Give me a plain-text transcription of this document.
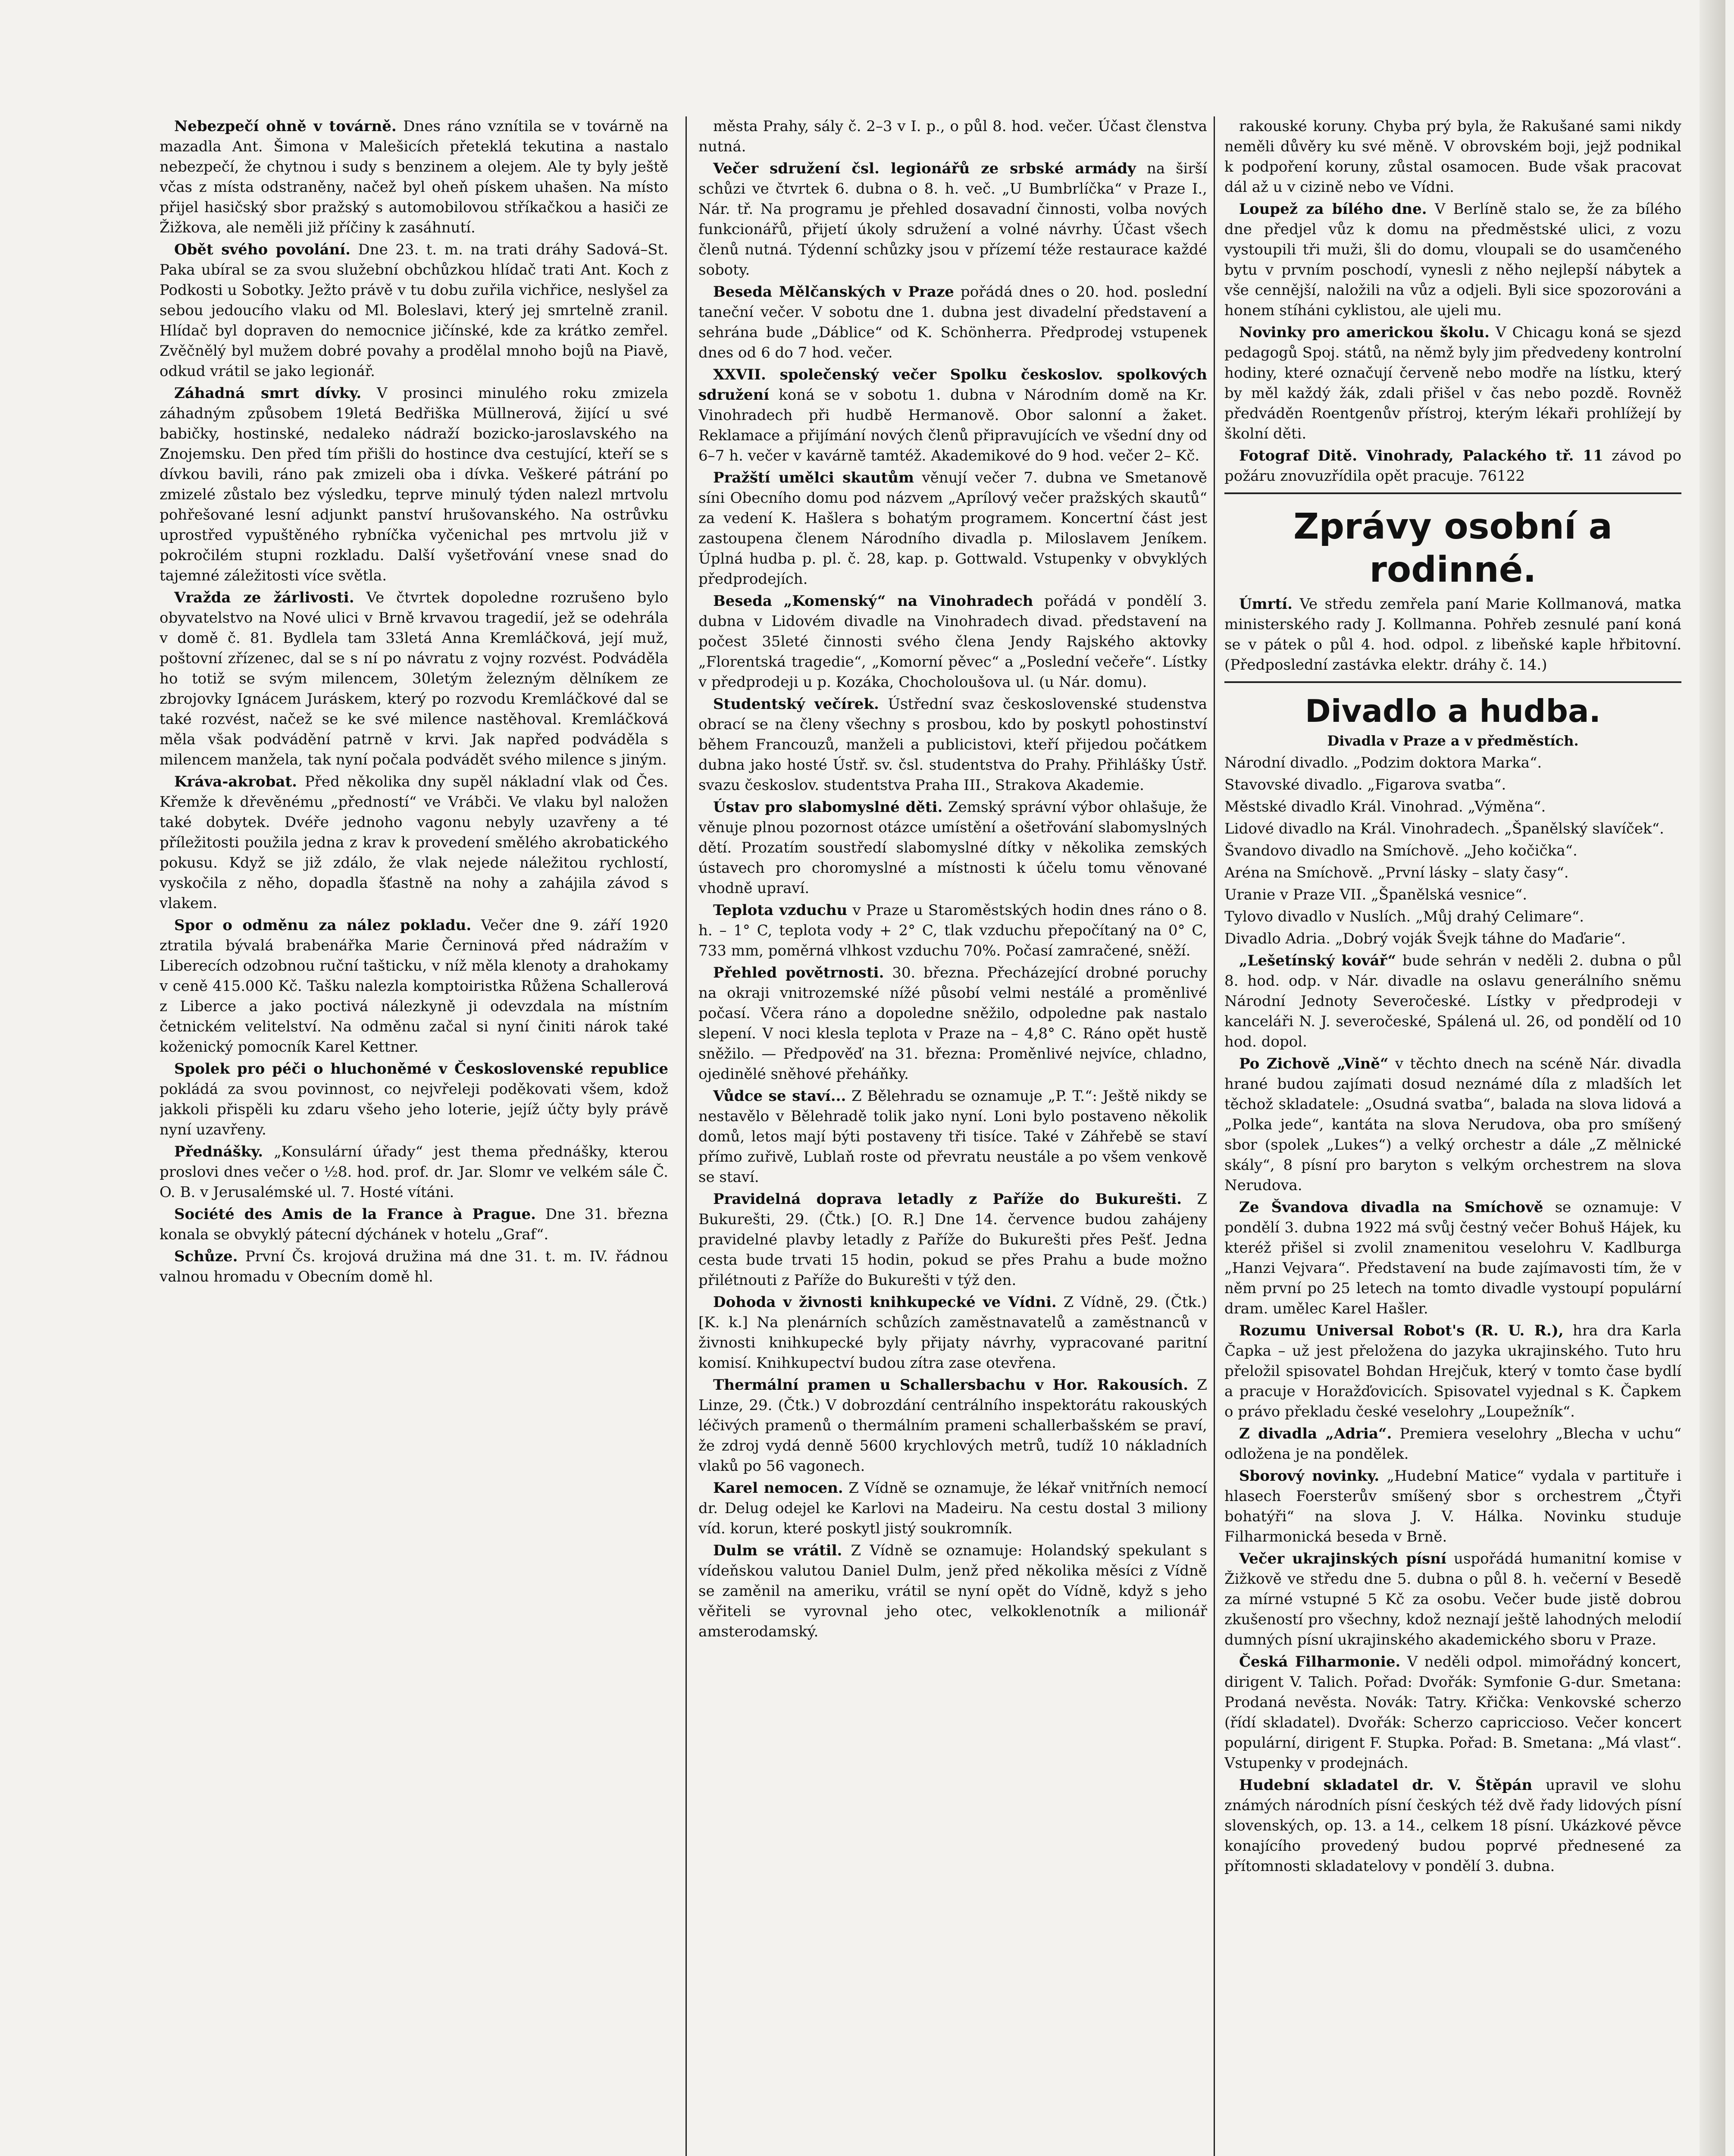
Nebezpečí ohně v továrně. Dnes ráno vznítila se v továrně na mazadla Ant. Šimona v Malešicích přeteklá tekutina a nastalo nebezpečí, že chytnou i sudy s benzinem a olejem. Ale ty byly ještě včas z místa odstraněny, načež byl oheň pískem uhašen. Na místo přijel hasičský sbor pražský s automobilovou stříkačkou a hasiči ze Žižkova, ale neměli již příčiny k zasáhnutí.

Obět svého povolání. Dne 23. t. m. na trati dráhy Sadová–St. Paka ubíral se za svou služební obchůzkou hlídač trati Ant. Koch z Podkosti u Sobotky. Ježto právě v tu dobu zuřila vichřice, neslyšel za sebou jedoucího vlaku od Ml. Boleslavi, který jej smrtelně zranil. Hlídač byl dopraven do nemocnice jičínské, kde za krátko zemřel. Zvěčnělý byl mužem dobré povahy a prodělal mnoho bojů na Piavě, odkud vrátil se jako legionář.

Záhadná smrt dívky. V prosinci minulého roku zmizela záhadným způsobem 19letá Bedřiška Müllnerová, žijící u své babičky, hostinské, nedaleko nádraží bozicko-jaroslavského na Znojemsku. Den před tím přišli do hostince dva cestující, kteří se s dívkou bavili, ráno pak zmizeli oba i dívka. Veškeré pátrání po zmizelé zůstalo bez výsledku, teprve minulý týden nalezl mrtvolu pohřešované lesní adjunkt panství hrušovanského. Na ostrůvku uprostřed vypuštěného rybníčka vyčenichal pes mrtvolu již v pokročilém stupni rozkladu. Další vyšetřování vnese snad do tajemné záležitosti více světla.

Vražda ze žárlivosti. Ve čtvrtek dopoledne rozrušeno bylo obyvatelstvo na Nové ulici v Brně krvavou tragedií, jež se odehrála v domě č. 81. Bydlela tam 33letá Anna Kremláčková, její muž, poštovní zřízenec, dal se s ní po návratu z vojny rozvést. Podváděla ho totiž se svým milencem, 30letým železným dělníkem ze zbrojovky Ignácem Juráskem, který po rozvodu Kremláčkové dal se také rozvést, načež se ke své milence nastěhoval. Kremláčková měla však podvádění patrně v krvi. Jak napřed podváděla s milencem manžela, tak nyní počala podvádět svého milence s jiným.

Kráva-akrobat. Před několika dny supěl nákladní vlak od Čes. Křemže k dřevěnému „předností“ ve Vrábči. Ve vlaku byl naložen také dobytek. Dvéře jednoho vagonu nebyly uzavřeny a té příležitosti použila jedna z krav k provedení smělého akrobatického pokusu. Když se již zdálo, že vlak nejede náležitou rychlostí, vyskočila z něho, dopadla šťastně na nohy a zahájila závod s vlakem.

Spor o odměnu za nález pokladu. Večer dne 9. září 1920 ztratila bývalá brabenářka Marie Černinová před nádražím v Liberecích odzobnou ruční tašticku, v níž měla klenoty a drahokamy v ceně 415.000 Kč. Tašku nalezla komptoiristka Růžena Schallerová z Liberce a jako poctivá nálezkyně ji odevzdala na místním četnickém velitelství. Na odměnu začal si nyní činiti nárok také koženický pomocník Karel Kettner.

Spolek pro péči o hluchoněmé v Československé republice pokládá za svou povinnost, co nejvřeleji poděkovati všem, kdož jakkoli přispěli ku zdaru všeho jeho loterie, jejíž účty byly právě nyní uzavřeny.

Přednášky. „Konsulární úřady“ jest thema přednášky, kterou proslovi dnes večer o ½8. hod. prof. dr. Jar. Slomr ve velkém sále Č. O. B. v Jerusalémské ul. 7. Hosté vítáni.

Société des Amis de la France à Prague. Dne 31. března konala se obvyklý pátecní dýchánek v hotelu „Graf“.

Schůze. První Čs. krojová družina má dne 31. t. m. IV. řádnou valnou hromadu v Obecním domě hl.

města Prahy, sály č. 2–3 v I. p., o půl 8. hod. večer. Účast členstva nutná.

Večer sdružení čsl. legionářů ze srbské armády na širší schůzi ve čtvrtek 6. dubna o 8. h. več. „U Bumbrlíčka“ v Praze I., Nár. tř. Na programu je přehled dosavadní činnosti, volba nových funkcionářů, přijetí úkoly sdružení a volné návrhy. Účast všech členů nutná. Týdenní schůzky jsou v přízemí téže restaurace každé soboty.

Beseda Mělčanských v Praze pořádá dnes o 20. hod. poslední taneční večer. V sobotu dne 1. dubna jest divadelní představení a sehrána bude „Dáblice“ od K. Schönherra. Předprodej vstupenek dnes od 6 do 7 hod. večer.

XXVII. společenský večer Spolku českoslov. spolkových sdružení koná se v sobotu 1. dubna v Národním domě na Kr. Vinohradech při hudbě Hermanově. Obor salonní a žaket. Reklamace a přijímání nových členů připravujících ve všední dny od 6–7 h. večer v kavárně tamtéž. Akademikové do 9 hod. večer 2– Kč.

Pražští umělci skautům věnují večer 7. dubna ve Smetanově síni Obecního domu pod názvem „Aprílový večer pražských skautů“ za vedení K. Hašlera s bohatým programem. Koncertní část jest zastoupena členem Národního divadla p. Miloslavem Jeníkem. Úplná hudba p. pl. č. 28, kap. p. Gottwald. Vstupenky v obvyklých předprodejích.

Beseda „Komenský“ na Vinohradech pořádá v pondělí 3. dubna v Lidovém divadle na Vinohradech divad. představení na počest 35leté činnosti svého člena Jendy Rajského aktovky „Florentská tragedie“, „Komorní pěvec“ a „Poslední večeře“. Lístky v předprodeji u p. Kozáka, Chocholoušova ul. (u Nár. domu).

Studentský večírek. Ústřední svaz československé studenstva obrací se na členy všechny s prosbou, kdo by poskytl pohostinství během Francouzů, manželi a publicistovi, kteří přijedou počátkem dubna jako hosté Ústř. sv. čsl. studentstva do Prahy. Přihlášky Ústř. svazu českoslov. studentstva Praha III., Strakova Akademie.

Ústav pro slabomyslné děti. Zemský správní výbor ohlašuje, že věnuje plnou pozornost otázce umístění a ošetřování slabomyslných dětí. Prozatím soustředí slabomyslné dítky v několika zemských ústavech pro choromyslné a místnosti k účelu tomu věnované vhodně upraví.

Teplota vzduchu v Praze u Staroměstských hodin dnes ráno o 8. h. – 1° C, teplota vody + 2° C, tlak vzduchu přepočítaný na 0° C, 733 mm, poměrná vlhkost vzduchu 70%. Počasí zamračené, sněží.

Přehled povětrnosti. 30. března. Přecházející drobné poruchy na okraji vnitrozemské nížé působí velmi nestálé a proměnlivé počasí. Včera ráno a dopoledne sněžilo, odpoledne pak nastalo slepení. V noci klesla teplota v Praze na – 4,8° C. Ráno opět hustě sněžilo. — Předpověď na 31. března: Proměnlivé nejvíce, chladno, ojedinělé sněhové přeháňky.

Vůdce se staví... Z Bělehradu se oznamuje „P. T.“: Ještě nikdy se nestavělo v Bělehradě tolik jako nyní. Loni bylo postaveno několik domů, letos mají býti postaveny tři tisíce. Také v Záhřebě se staví přímo zuřivě, Lublaň roste od převratu neustále a po všem venkově se staví.

Pravidelná doprava letadly z Paříže do Bukurešti. Z Bukurešti, 29. (Čtk.) [O. R.] Dne 14. července budou zahájeny pravidelné plavby letadly z Paříže do Bukurešti přes Pešť. Jedna cesta bude trvati 15 hodin, pokud se přes Prahu a bude možno přilétnouti z Paříže do Bukurešti v týž den.

Dohoda v živnosti knihkupecké ve Vídni. Z Vídně, 29. (Čtk.) [K. k.] Na plenárních schůzích zaměstnavatelů a zaměstnanců v živnosti knihkupecké byly přijaty návrhy, vypracované paritní komisí. Knihkupectví budou zítra zase otevřena.

Thermální pramen u Schallersbachu v Hor. Rakousích. Z Linze, 29. (Čtk.) V dobrozdání centrálního inspektorátu rakouských léčivých pramenů o thermálním prameni schallerbašském se praví, že zdroj vydá denně 5600 krychlových metrů, tudíž 10 nákladních vlaků po 56 vagonech.

Karel nemocen. Z Vídně se oznamuje, že lékař vnitřních nemocí dr. Delug odejel ke Karlovi na Madeiru. Na cestu dostal 3 miliony víd. korun, které poskytl jistý soukromník.

Dulm se vrátil. Z Vídně se oznamuje: Holandský spekulant s vídeňskou valutou Daniel Dulm, jenž před několika měsíci z Vídně se zaměnil na ameriku, vrátil se nyní opět do Vídně, když s jeho věřiteli se vyrovnal jeho otec, velkoklenotník a milionář amsterodamský.

rakouské koruny. Chyba prý byla, že Rakušané sami nikdy neměli důvěry ku své měně. V obrovském boji, jejž podnikal k podpoření koruny, zůstal osamocen. Bude však pracovat dál až u v cizině nebo ve Vídni.

Loupež za bílého dne. V Berlíně stalo se, že za bílého dne předjel vůz k domu na předměstské ulici, z vozu vystoupili tři muži, šli do domu, vloupali se do usamčeného bytu v prvním poschodí, vynesli z něho nejlepší nábytek a vše cennější, naložili na vůz a odjeli. Byli sice spozorováni a honem stíháni cyklistou, ale ujeli mu.

Novinky pro americkou školu. V Chicagu koná se sjezd pedagogů Spoj. států, na němž byly jim předvedeny kontrolní hodiny, které označují červeně nebo modře na lístku, který by měl každý žák, zdali přišel v čas nebo pozdě. Rovněž předváděn Roentgenův přístroj, kterým lékaři prohlížejí by školní děti.

Fotograf Ditě. Vinohrady, Palackého tř. 11 závod po požáru znovuzřídila opět pracuje. 76122

Zprávy osobní a rodinné.

Úmrtí. Ve středu zemřela paní Marie Kollmanová, matka ministerského rady J. Kollmanna. Pohřeb zesnulé paní koná se v pátek o půl 4. hod. odpol. z libeňské kaple hřbitovní. (Předposlední zastávka elektr. dráhy č. 14.)

Divadlo a hudba.
Divadla v Praze a v předměstích.

Národní divadlo. „Podzim doktora Marka“.

Stavovské divadlo. „Figarova svatba“.

Městské divadlo Král. Vinohrad. „Výměna“.

Lidové divadlo na Král. Vinohradech. „Španělský slavíček“.

Švandovo divadlo na Smíchově. „Jeho kočička“.

Aréna na Smíchově. „První lásky – slaty časy“.

Uranie v Praze VII. „Španělská vesnice“.

Tylovo divadlo v Nuslích. „Můj drahý Celimare“.

Divadlo Adria. „Dobrý voják Švejk táhne do Maďarie“.

„Lešetínský kovář“ bude sehrán v neděli 2. dubna o půl 8. hod. odp. v Nár. divadle na oslavu generálního sněmu Národní Jednoty Severočeské. Lístky v předprodeji v kanceláři N. J. severočeské, Spálená ul. 26, od pondělí od 10 hod. dopol.

Po Zichově „Vině“ v těchto dnech na scéně Nár. divadla hrané budou zajímati dosud neznámé díla z mladších let těchož skladatele: „Osudná svatba“, balada na slova lidová a „Polka jede“, kantáta na slova Nerudova, oba pro smíšený sbor (spolek „Lukes“) a velký orchestr a dále „Z mělnické skály“, 8 písní pro baryton s velkým orchestrem na slova Nerudova.

Ze Švandova divadla na Smíchově se oznamuje: V pondělí 3. dubna 1922 má svůj čestný večer Bohuš Hájek, ku kteréž přišel si zvolil znamenitou veselohru V. Kadlburga „Hanzi Vejvara“. Představení na bude zajímavosti tím, že v něm první po 25 letech na tomto divadle vystoupí populární dram. umělec Karel Hašler.

Rozumu Universal Robot's (R. U. R.), hra dra Karla Čapka – už jest přeložena do jazyka ukrajinského. Tuto hru přeložil spisovatel Bohdan Hrejčuk, který v tomto čase bydlí a pracuje v Horažďovicích. Spisovatel vyjednal s K. Čapkem o právo překladu české veselohry „Loupežník“.

Z divadla „Adria“. Premiera veselohry „Blecha v uchu“ odložena je na pondělek.

Sborový novinky. „Hudební Matice“ vydala v partituře i hlasech Foersterův smíšený sbor s orchestrem „Čtyři bohatýři“ na slova J. V. Hálka. Novinku studuje Filharmonická beseda v Brně.

Večer ukrajinských písní uspořádá humanitní komise v Žižkově ve středu dne 5. dubna o půl 8. h. večerní v Besedě za mírné vstupné 5 Kč za osobu. Večer bude jistě dobrou zkušeností pro všechny, kdož neznají ještě lahodných melodií dumných písní ukrajinského akademického sboru v Praze.

Česká Filharmonie. V neděli odpol. mimořádný koncert, dirigent V. Talich. Pořad: Dvořák: Symfonie G-dur. Smetana: Prodaná nevěsta. Novák: Tatry. Křička: Venkovské scherzo (řídí skladatel). Dvořák: Scherzo capriccioso. Večer koncert populární, dirigent F. Stupka. Pořad: B. Smetana: „Má vlast“. Vstupenky v prodejnách.

Hudební skladatel dr. V. Štěpán upravil ve slohu známých národních písní českých též dvě řady lidových písní slovenských, op. 13. a 14., celkem 18 písní. Ukázkové pěvce konajícího provedený budou poprvé přednesené za přítomnosti skladatelovy v pondělí 3. dubna.
